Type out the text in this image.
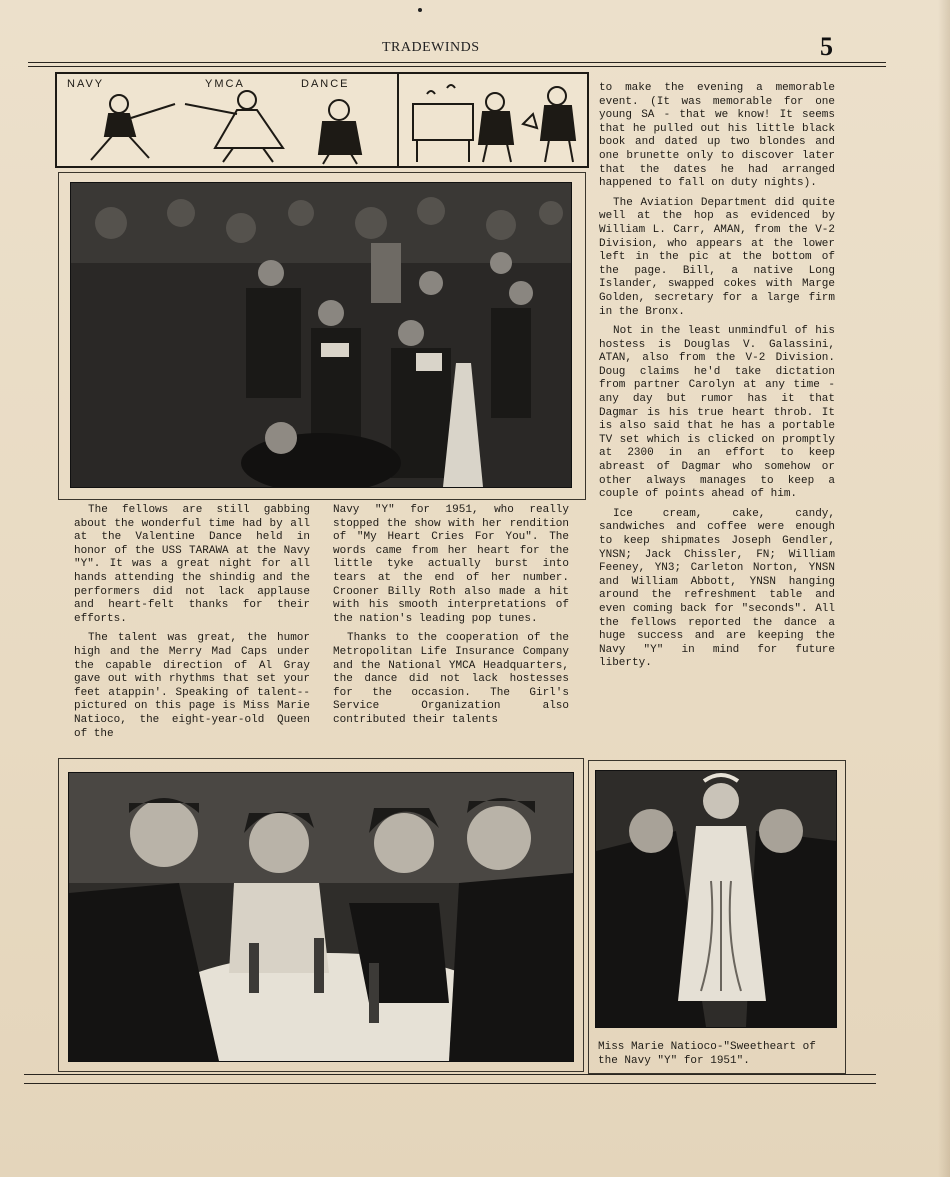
TRADEWINDS	5
NAVY	YMCA	DANCE

The fellows are still gabbing about the wonderful time had by all at the Valentine Dance held in honor of the USS TARAWA at the Navy "Y". It was a great night for all hands attending the shindig and the performers did not lack applause and heart-felt thanks for their efforts.

The talent was great, the humor high and the Merry Mad Caps under the capable direction of Al Gray gave out with rhythms that set your feet atappin'. Speaking of talent--pictured on this page is Miss Marie Natioco, the eight-year-old Queen of the

Navy "Y" for 1951, who really stopped the show with her rendition of "My Heart Cries For You". The words came from her heart for the little tyke actually burst into tears at the end of her number. Crooner Billy Roth also made a hit with his smooth interpretations of the nation's leading pop tunes.

Thanks to the cooperation of the Metropolitan Life Insurance Company and the National YMCA Headquarters, the dance did not lack hostesses for the occasion. The Girl's Service Organization also contributed their talents

to make the evening a memorable event. (It was memorable for one young SA - that we know! It seems that he pulled out his little black book and dated up two blondes and one brunette only to discover later that the dates he had arranged happened to fall on duty nights).

The Aviation Department did quite well at the hop as evidenced by William L. Carr, AMAN, from the V-2 Division, who appears at the lower left in the pic at the bottom of the page. Bill, a native Long Islander, swapped cokes with Marge Golden, secretary for a large firm in the Bronx.

Not in the least unmindful of his hostess is Douglas V. Galassini, ATAN, also from the V-2 Division. Doug claims he'd take dictation from partner Carolyn at any time - any day but rumor has it that Dagmar is his true heart throb. It is also said that he has a portable TV set which is clicked on promptly at 2300 in an effort to keep abreast of Dagmar who somehow or other always manages to keep a couple of points ahead of him.

Ice cream, cake, candy, sandwiches and coffee were enough to keep shipmates Joseph Gendler, YNSN; Jack Chissler, FN; William Feeney, YN3; Carleton Norton, YNSN and William Abbott, YNSN hanging around the refreshment table and even coming back for "seconds". All the fellows reported the dance a huge success and are keeping the Navy "Y" in mind for future liberty.

Miss Marie Natioco-"Sweetheart of the Navy "Y" for 1951".
